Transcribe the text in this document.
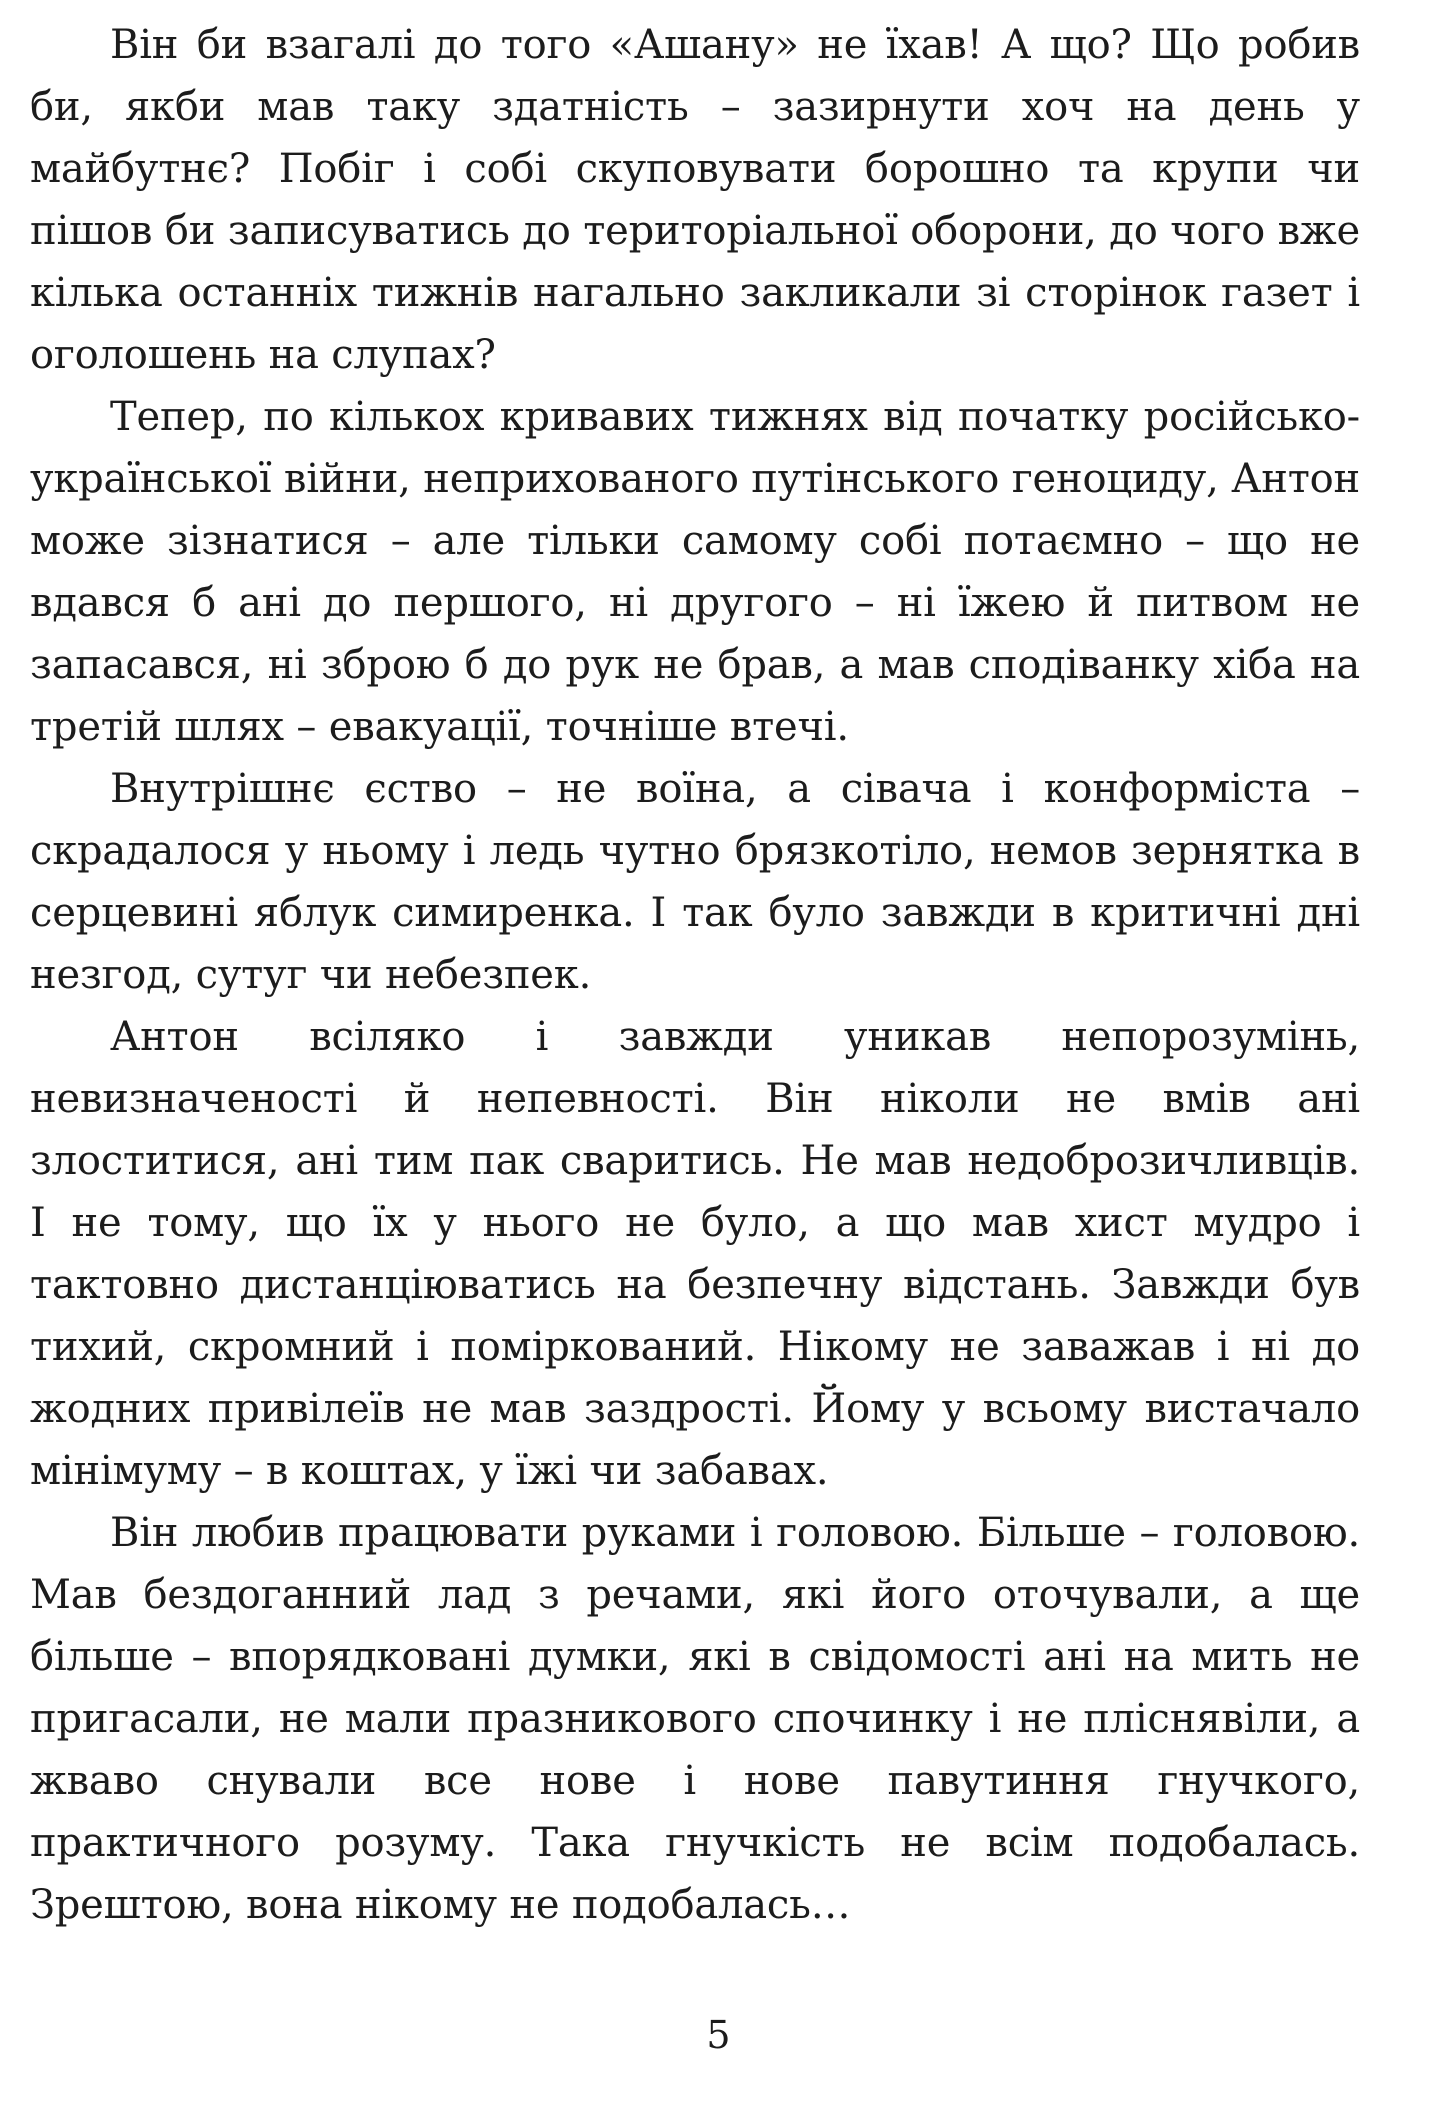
Він би взагалі до того «Ашану» не їхав! А що? Що робив би, якби мав таку здатність – зазирнути хоч на день у майбутнє? Побіг і собі скуповувати борошно та крупи чи пішов би записуватись до територіальної оборони, до чого вже кілька останніх тижнів нагально закликали зі сторінок газет і оголошень на слупах?

Тепер, по кількох кривавих тижнях від початку російсько-української війни, неприхованого путінського геноциду, Антон може зізнатися – але тільки самому собі потаємно – що не вдався б ані до першого, ні другого – ні їжею й питвом не запасався, ні зброю б до рук не брав, а мав сподіванку хіба на третій шлях – евакуації, точніше втечі.

Внутрішнє єство – не воїна, а сівача і конформіста – скрадалося у ньому і ледь чутно брязкотіло, немов зернятка в серцевині яблук симиренка. І так було завжди в критичні дні незгод, сутуг чи небезпек.

Антон всіляко і завжди уникав непорозумінь, невизначеності й непевності. Він ніколи не вмів ані злоститися, ані тим пак сваритись. Не мав недоброзичливців. І не тому, що їх у нього не було, а що мав хист мудро і тактовно дистанціюватись на безпечну відстань. Завжди був тихий, скромний і поміркований. Нікому не заважав і ні до жодних привілеїв не мав заздрості. Йому у всьому вистачало мінімуму – в коштах, у їжі чи забавах.

Він любив працювати руками і головою. Більше – головою. Мав бездоганний лад з речами, які його оточували, а ще більше – впорядковані думки, які в свідомості ані на мить не пригасали, не мали празникового спочинку і не пліснявіли, а жваво снували все нове і нове павутиння гнучкого, практичного розуму. Така гнучкість не всім подобалась. Зрештою, вона нікому не подобалась…

5
